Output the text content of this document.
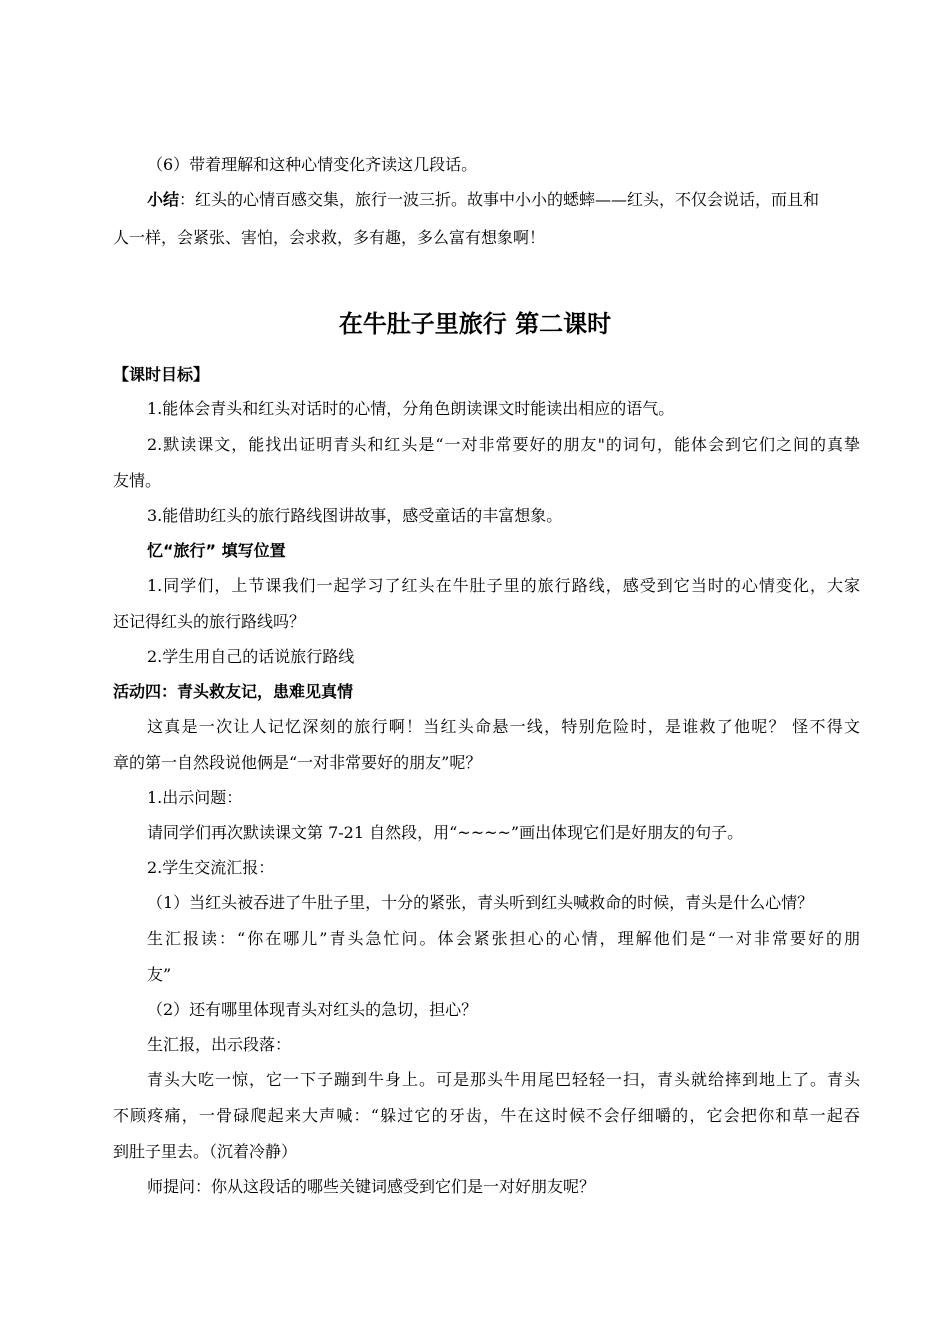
（6）带着理解和这种心情变化齐读这几段话。
小结：红头的心情百感交集，旅行一波三折。故事中小小的蟋蟀——红头，不仅会说话，而且和
人一样，会紧张、害怕，会求救，多有趣，多么富有想象啊！
在牛肚子里旅行 第二课时
【课时目标】
1.能体会青头和红头对话时的心情，分角色朗读课文时能读出相应的语气。
2.默读课文，能找出证明青头和红头是“一对非常要好的朋友"的词句，能体会到它们之间的真挚
友情。
3.能借助红头的旅行路线图讲故事，感受童话的丰富想象。
忆“旅行” 填写位置
1.同学们，上节课我们一起学习了红头在牛肚子里的旅行路线，感受到它当时的心情变化，大家
还记得红头的旅行路线吗？
2.学生用自己的话说旅行路线
活动四：青头救友记，患难见真情
这真是一次让人记忆深刻的旅行啊！当红头命悬一线，特别危险时，是谁救了他呢？ 怪不得文
章的第一自然段说他俩是“一对非常要好的朋友”呢？
1.出示问题：
请同学们再次默读课文第 7-21 自然段，用“~~~~”画出体现它们是好朋友的句子。
2.学生交流汇报：
（1）当红头被吞进了牛肚子里，十分的紧张，青头听到红头喊救命的时候，青头是什么心情？
生汇报读：“你在哪儿”青头急忙问。体会紧张担心的心情，理解他们是“一对非常要好的朋
友”
（2）还有哪里体现青头对红头的急切，担心？
生汇报，出示段落：
青头大吃一惊，它一下子蹦到牛身上。可是那头牛用尾巴轻轻一扫，青头就给摔到地上了。青头
不顾疼痛，一骨碌爬起来大声喊：“躲过它的牙齿，牛在这时候不会仔细嚼的，它会把你和草一起吞
到肚子里去。（沉着冷静）
师提问：你从这段话的哪些关键词感受到它们是一对好朋友呢？
